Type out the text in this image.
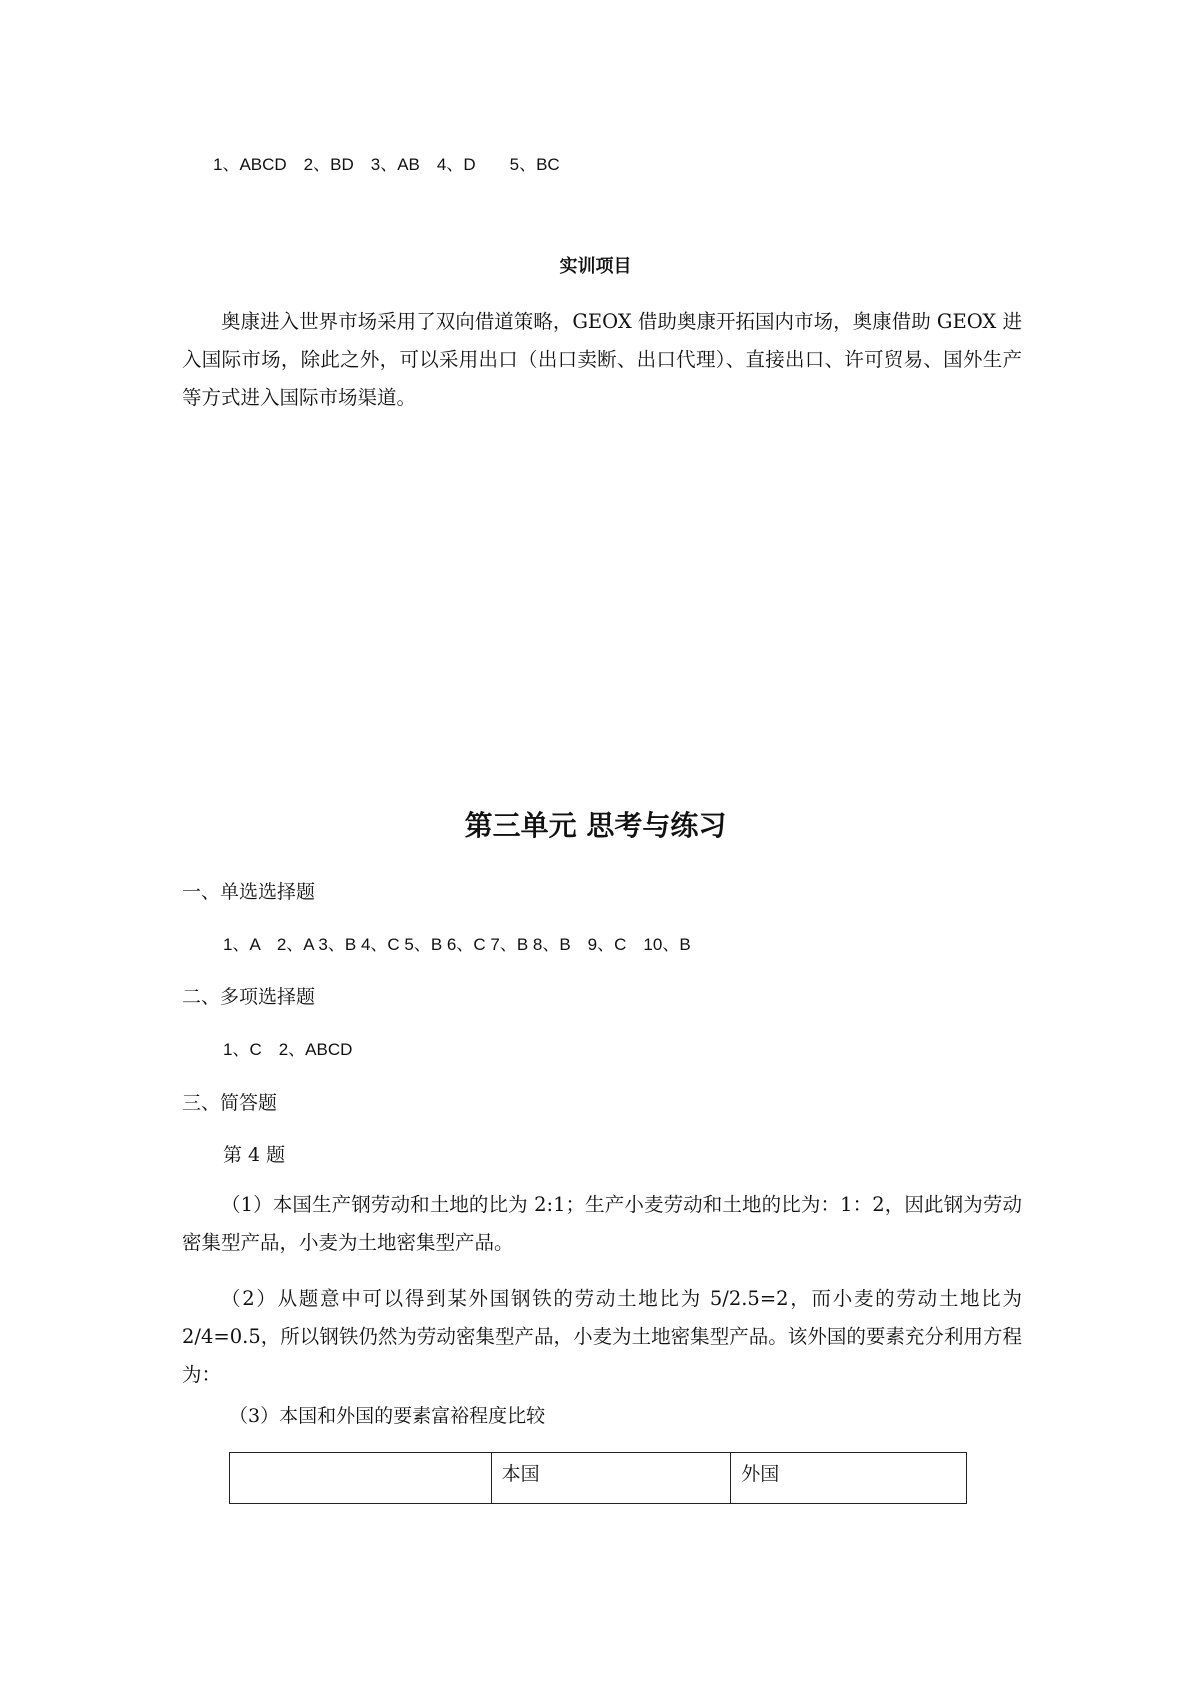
1、ABCD　2、BD　3、AB　4、D　　5、BC
实训项目

奥康进入世界市场采用了双向借道策略，GEOX 借助奥康开拓国内市场，奥康借助 GEOX 进入国际市场，除此之外，可以采用出口（出口卖断、出口代理）、直接出口、许可贸易、国外生产等方式进入国际市场渠道。

第三单元 思考与练习
一、单选选择题
1、A　2、A 3、B 4、C 5、B 6、C 7、B 8、B　9、C　10、B
二、多项选择题
1、C　2、ABCD
三、简答题
第 4 题

（1）本国生产钢劳动和土地的比为 2:1；生产小麦劳动和土地的比为：1：2，因此钢为劳动密集型产品，小麦为土地密集型产品。

（2）从题意中可以得到某外国钢铁的劳动土地比为 5/2.5=2，而小麦的劳动土地比为 2/4=0.5，所以钢铁仍然为劳动密集型产品，小麦为土地密集型产品。该外国的要素充分利用方程为：

（3）本国和外国的要素富裕程度比较
	本国	外国
